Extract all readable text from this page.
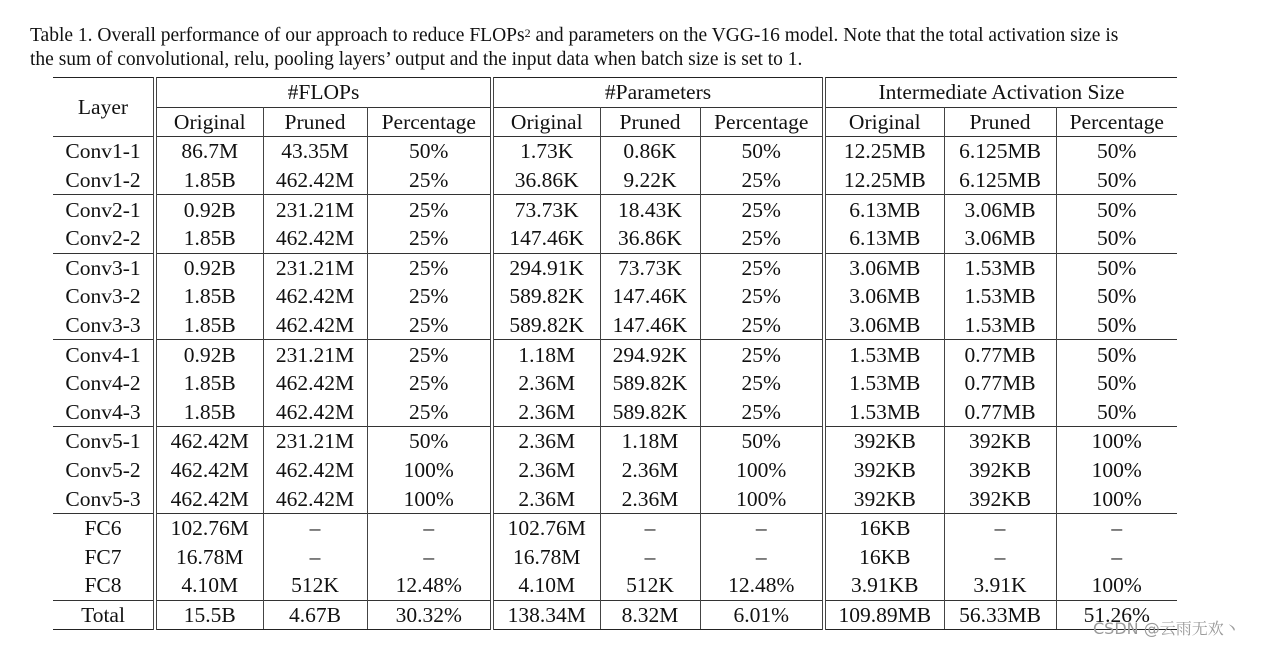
Table 1. Overall performance of our approach to reduce FLOPs$^2$ and parameters on the VGG-16 model. Note that the total activation size is
the sum of convolutional, relu, pooling layers’ output and the input data when batch size is set to 1.
Layer	#FLOPs			#Parameters			Intermediate Activation Size		
	Original	Pruned	Percentage	Original	Pruned	Percentage	Original	Pruned	Percentage
Conv1-1	86.7M	43.35M	50%	1.73K	0.86K	50%	12.25MB	6.125MB	50%
Conv1-2	1.85B	462.42M	25%	36.86K	9.22K	25%	12.25MB	6.125MB	50%
Conv2-1	0.92B	231.21M	25%	73.73K	18.43K	25%	6.13MB	3.06MB	50%
Conv2-2	1.85B	462.42M	25%	147.46K	36.86K	25%	6.13MB	3.06MB	50%
Conv3-1	0.92B	231.21M	25%	294.91K	73.73K	25%	3.06MB	1.53MB	50%
Conv3-2	1.85B	462.42M	25%	589.82K	147.46K	25%	3.06MB	1.53MB	50%
Conv3-3	1.85B	462.42M	25%	589.82K	147.46K	25%	3.06MB	1.53MB	50%
Conv4-1	0.92B	231.21M	25%	1.18M	294.92K	25%	1.53MB	0.77MB	50%
Conv4-2	1.85B	462.42M	25%	2.36M	589.82K	25%	1.53MB	0.77MB	50%
Conv4-3	1.85B	462.42M	25%	2.36M	589.82K	25%	1.53MB	0.77MB	50%
Conv5-1	462.42M	231.21M	50%	2.36M	1.18M	50%	392KB	392KB	100%
Conv5-2	462.42M	462.42M	100%	2.36M	2.36M	100%	392KB	392KB	100%
Conv5-3	462.42M	462.42M	100%	2.36M	2.36M	100%	392KB	392KB	100%
FC6	102.76M	–	–	102.76M	–	–	16KB	–	–
FC7	16.78M	–	–	16.78M	–	–	16KB	–	–
FC8	4.10M	512K	12.48%	4.10M	512K	12.48%	3.91KB	3.91K	100%
Total	15.5B	4.67B	30.32%	138.34M	8.32M	6.01%	109.89MB	56.33MB	51.26%
CSDN @云雨无欢丶
